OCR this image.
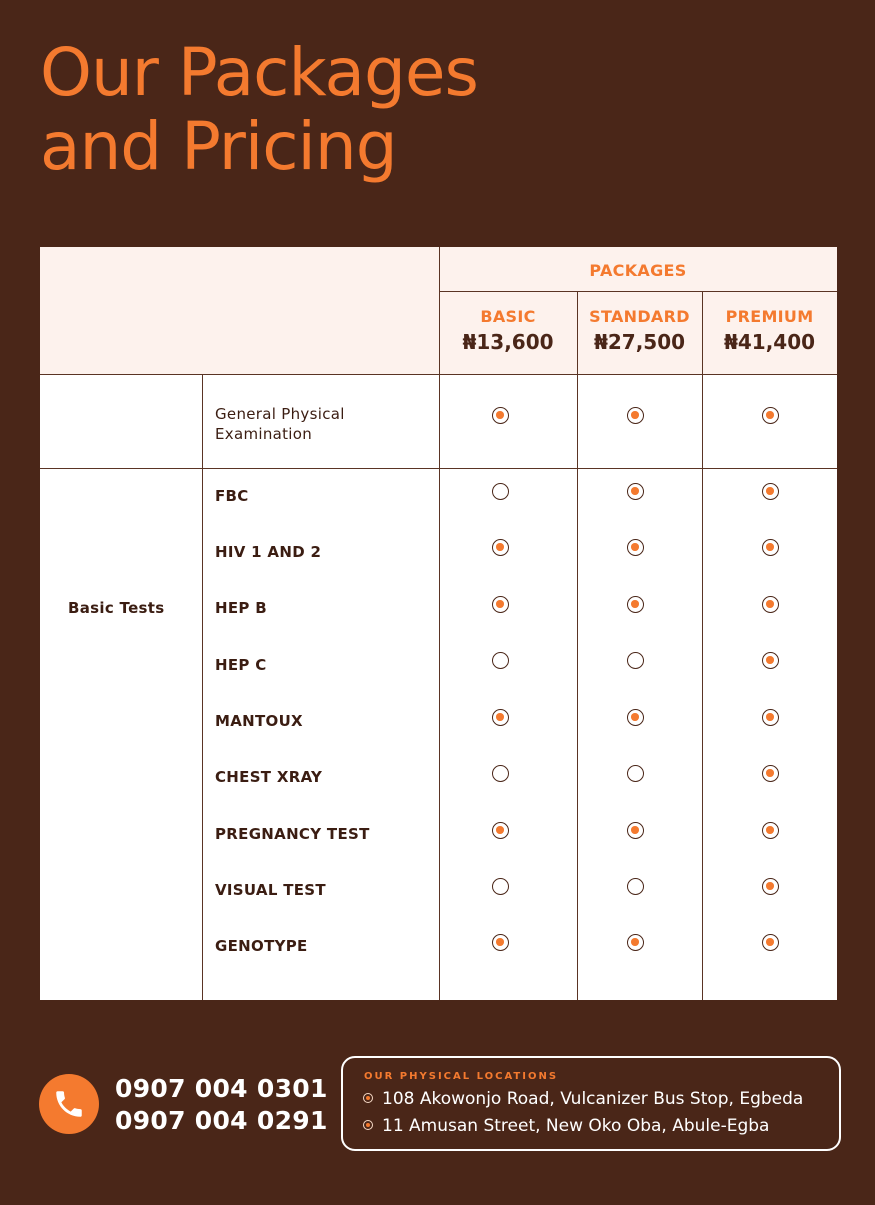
Our Packages
and Pricing
PACKAGES
BASIC
₦13,600
STANDARD
₦27,500
PREMIUM
₦41,400
General Physical Examination
Basic Tests
FBC
HIV 1 AND 2
HEP B
HEP C
MANTOUX
CHEST XRAY
PREGNANCY TEST
VISUAL TEST
GENOTYPE
0907 004 0301
0907 004 0291
OUR PHYSICAL LOCATIONS
108 Akowonjo Road, Vulcanizer Bus Stop, Egbeda
11 Amusan Street, New Oko Oba, Abule-Egba
